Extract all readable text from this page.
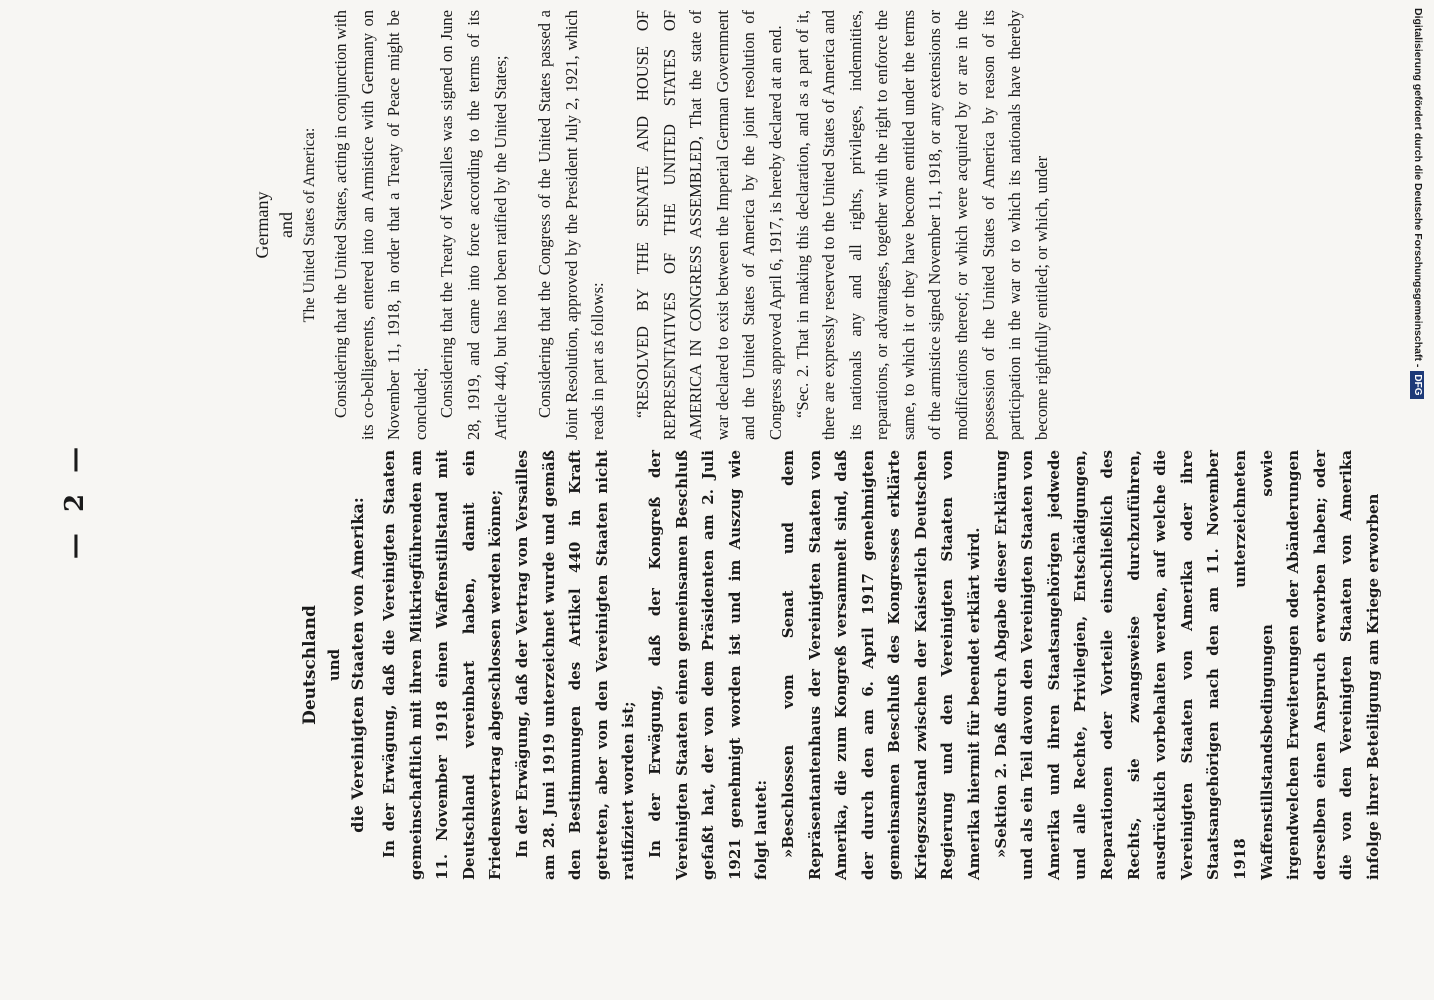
— 2 —
Deutschland und die Vereinigten Staaten von Amerika: In der Erwägung, daß die Vereinigten Staaten gemeinschaftlich mit ihren Mitkriegführenden am 11. November 1918 einen Waffenstillstand mit Deutschland vereinbart haben, damit ein Friedensvertrag abgeschlossen werden könne; In der Erwägung, daß der Vertrag von Versailles am 28. Juni 1919 unterzeichnet wurde und gemäß den Bestimmungen des Artikel 440 in Kraft getreten, aber von den Vereinigten Staaten nicht ratifiziert worden ist; In der Erwägung, daß der Kongreß der Vereinigten Staaten einen gemeinsamen Beschluß gefaßt hat, der von dem Präsidenten am 2. Juli 1921 genehmigt worden ist und im Auszug wie folgt lautet: »Beschlossen vom Senat und dem Repräsentantenhaus der Vereinigten Staaten von Amerika, die zum Kongreß versammelt sind, daß der durch den am 6. April 1917 genehmigten gemeinsamen Beschluß des Kongresses erklärte Kriegszustand zwischen der Kaiserlich Deutschen Regierung und den Vereinigten Staaten von Amerika hiermit für beendet erklärt wird. »Sektion 2. Daß durch Abgabe dieser Erklärung und als ein Teil davon den Vereinigten Staaten von Amerika und ihren Staatsangehörigen jedwede und alle Rechte, Privilegien, Entschädigungen, Reparationen oder Vorteile einschließlich des Rechts, sie zwangsweise durchzuführen, ausdrücklich vorbehalten werden, auf welche die Vereinigten Staaten von Amerika oder ihre Staatsangehörigen nach den am 11. November 1918 unterzeichneten Waffenstillstandsbedingungen sowie irgendwelchen Erweiterungen oder Abänderungen derselben einen Anspruch erworben haben; oder die von den Vereinigten Staaten von Amerika infolge ihrer Beteiligung am Kriege erworben

Germany and The United States of America: Considering that the United States, acting in conjunction with its co-belligerents, entered into an Armistice with Germany on November 11, 1918, in order that a Treaty of Peace might be concluded; Considering that the Treaty of Versailles was signed on June 28, 1919, and came into force according to the terms of its Article 440, but has not been ratified by the United States; Considering that the Congress of the United States passed a Joint Resolution, approved by the President July 2, 1921, which reads in part as follows: “RESOLVED BY THE SENATE AND HOUSE OF REPRESENTATIVES OF THE UNITED STATES OF AMERICA IN CONGRESS ASSEMBLED, That the state of war declared to exist between the Imperial German Government and the United States of America by the joint resolution of Congress approved April 6, 1917, is hereby declared at an end. “Sec. 2. That in making this declaration, and as a part of it, there are expressly reserved to the United States of America and its nationals any and all rights, privileges, indemnities, reparations, or advantages, together with the right to enforce the same, to which it or they have become entitled under the terms of the armistice signed November 11, 1918, or any extensions or modifications thereof; or which were acquired by or are in the possession of the United States of America by reason of its participation in the war or to which its nationals have thereby become rightfully entitled; or which, under	Digitalisierung gefördert durch die Deutsche Forschungsgemeinschaft -DFG
